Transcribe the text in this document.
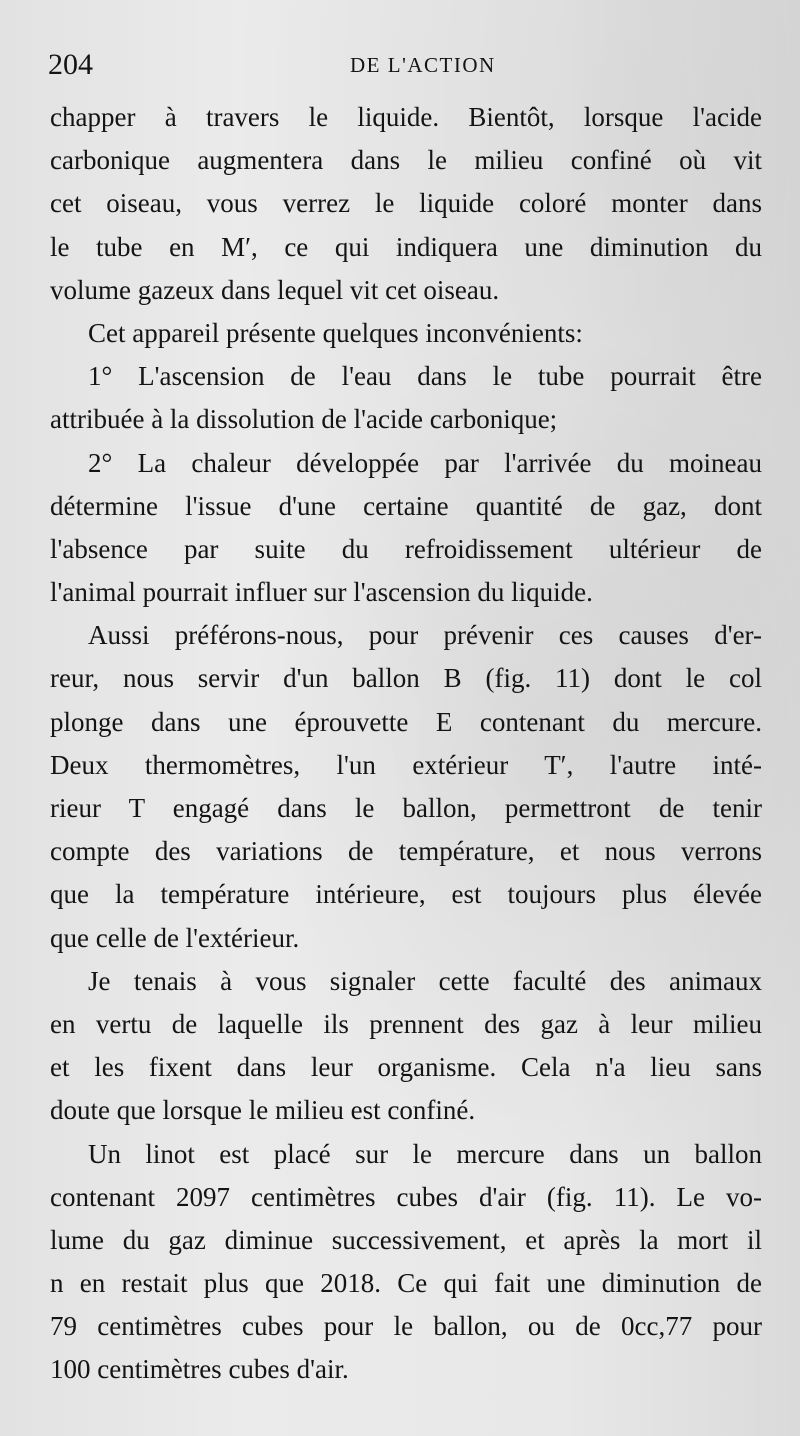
204	DE L'ACTION
chapper à travers le liquide. Bientôt, lorsque l'acide
carbonique augmentera dans le milieu confiné où vit
cet oiseau, vous verrez le liquide coloré monter dans
le tube en M′, ce qui indiquera une diminution du
volume gazeux dans lequel vit cet oiseau.
Cet appareil présente quelques inconvénients:
1° L'ascension de l'eau dans le tube pourrait être
attribuée à la dissolution de l'acide carbonique;
2° La chaleur développée par l'arrivée du moineau
détermine l'issue d'une certaine quantité de gaz, dont
l'absence par suite du refroidissement ultérieur de
l'animal pourrait influer sur l'ascension du liquide.
Aussi préférons-nous, pour prévenir ces causes d'er-
reur, nous servir d'un ballon B (fig. 11) dont le col
plonge dans une éprouvette E contenant du mercure.
Deux thermomètres, l'un extérieur T′, l'autre inté-
rieur T engagé dans le ballon, permettront de tenir
compte des variations de température, et nous verrons
que la température intérieure, est toujours plus élevée
que celle de l'extérieur.
Je tenais à vous signaler cette faculté des animaux
en vertu de laquelle ils prennent des gaz à leur milieu
et les fixent dans leur organisme. Cela n'a lieu sans
doute que lorsque le milieu est confiné.
Un linot est placé sur le mercure dans un ballon
contenant 2097 centimètres cubes d'air (fig. 11). Le vo-
lume du gaz diminue successivement, et après la mort il
n en restait plus que 2018. Ce qui fait une diminution de
79 centimètres cubes pour le ballon, ou de 0cc,77 pour
100 centimètres cubes d'air.
